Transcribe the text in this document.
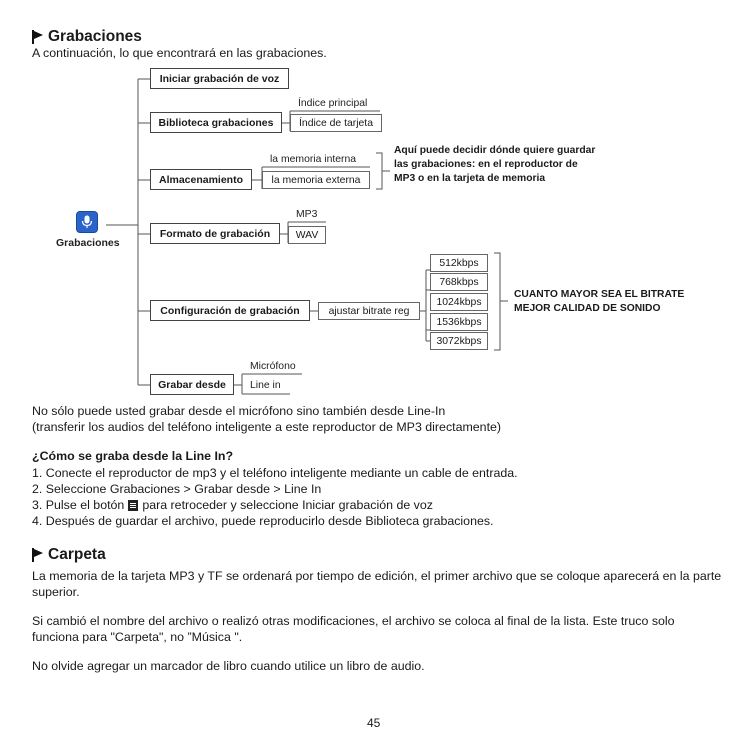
Grabaciones
A continuación, lo que encontrará en las grabaciones.
Grabaciones
Iniciar grabación de voz
Biblioteca grabaciones
Almacenamiento
Formato de grabación
Configuración de grabación
Grabar desde
Índice principal
Índice de tarjeta
la memoria interna
la memoria externa
Aquí puede decidir dónde quiere guardar las grabaciones: en el reproductor de MP3 o en la tarjeta de memoria
MP3
WAV
ajustar bitrate reg
512kbps
768kbps
1024kbps
1536kbps
3072kbps
CUANTO MAYOR SEA EL BITRATE
MEJOR CALIDAD DE SONIDO
Micrófono
Line in
No sólo puede usted grabar desde el micrófono sino también desde Line-In
(transferir los audios del teléfono inteligente a este reproductor de MP3 directamente)
¿Cómo se graba desde la Line In?
1. Conecte el reproductor de mp3 y el teléfono inteligente mediante un cable de entrada.
2. Seleccione Grabaciones > Grabar desde > Line In
3. Pulse el botón para retroceder y seleccione Iniciar grabación de voz
4. Después de guardar el archivo, puede reproducirlo desde Biblioteca grabaciones.
Carpeta
La memoria de la tarjeta MP3 y TF se ordenará por tiempo de edición, el primer archivo que se coloque aparecerá en la parte superior.
Si cambió el nombre del archivo o realizó otras modificaciones, el archivo se coloca al final de la lista. Este truco solo funciona para "Carpeta", no ”Música ".
No olvide agregar un marcador de libro cuando utilice un libro de audio.
45
